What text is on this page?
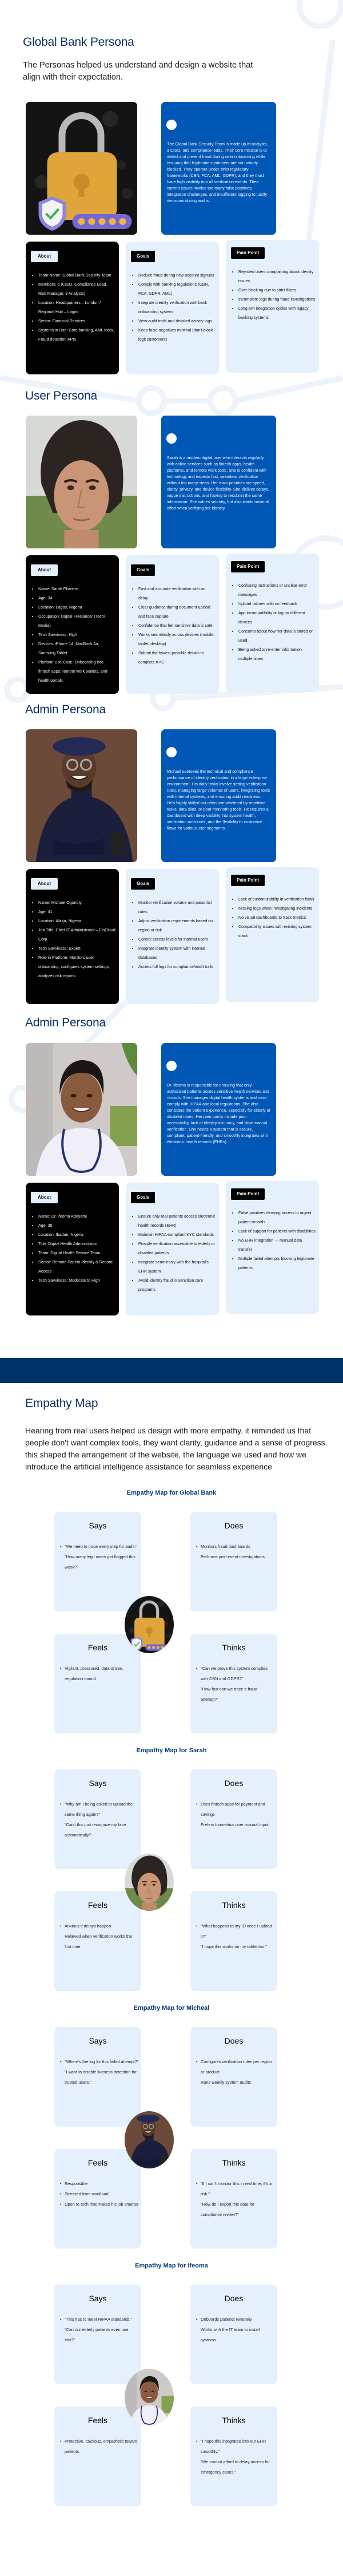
Global Bank Persona

The Personas helped us understand and design a website that align with their expectation.

The Global Bank Security Team is made up of analysts, a CISO, and compliance leads. Their core mission is to detect and prevent fraud during user onboarding while ensuring that legitimate customers are not unfairly blocked. They operate under strict regulatory frameworks (CBN, FCA, AML, GDPR), and they must have high visibility into all verification events. Their current issues involve too many false positives, integration challenges, and insufficient logging to justify decisions during audits.

About
• Team Name: Global Bank Security Team
• Members: 6 (CISO, Compliance Lead, Risk Manager, 3 Analysts)
• Location: Headquarters – London / Regional Hub – Lagos
• Sector: Financial Services
• Systems in Use: Core banking, AML tools, Fraud detection APIs
Goals
• Reduce fraud during new account signups
• Comply with banking regulations (CBN, FCA, GDPR, AML)
• Integrate identity verification with bank onboarding system
• View audit trails and detailed activity logs
• Keep false negatives minimal (don't block legit customers)
Pain Point
• Rejected users complaining about identity issues
• Over blocking due to strict filters
• Incomplete logs during fraud investigations
• Long API integration cycles with legacy banking systems
User Persona

Sarah is a modern digital user who interacts regularly with online services such as fintech apps, health platforms, and remote work tools. She is confident with technology and expects fast, seamless verification without too many steps. Her main priorities are speed, clarity, privacy, and device flexibility. She dislikes delays, vague instructions, and having to resubmit the same information. She values security, but also wants minimal effort when verifying her identity

About
• Name: Sarah Ekanem
• Age: 34
• Location: Lagos, Nigeria
• Occupation: Digital Freelancer (Tech/ Media)
• Tech Savviness: High
• Devices: iPhone 14, MacBook Air, Samsung Tablet
• Platform Use Case: Onboarding into fintech apps, remote work wallets, and health portals
Goals
• Fast and accurate verification with no delay
• Clear guidance during document upload and face capture
• Confidence that her sensitive data is safe
• Works seamlessly across devices (mobile, tablet, desktop)
• Submit the fewest possible details to complete KYC
Pain Point
• Confusing instructions or unclear error messages
• Upload failures with no feedback
• App incompatibility or lag on different devices
• Concerns about how her data is stored or used
• Being asked to re-enter information multiple times
Admin Persona

Michael oversees the technical and compliance performance of identity verification in a large enterprise environment. His daily tasks involve setting verification rules, managing large volumes of users, integrating tools with internal systems, and ensuring audit readiness. He's highly skilled but often overwhelmed by repetitive tasks, data silos, or poor monitoring tools. He requires a dashboard with deep visibility into system health, verification outcomes, and the flexibility to customize flows for various user segments

About
• Name: Michael Ogunbiyi
• Age: 41
• Location: Abuja, Nigeria
• Job Title: Chief IT Administrator – FinCloud Corp
• Tech Savviness: Expert
• Role in Platform: Monitors user onboarding, configures system settings, analyzes risk reports
Goals
• Monitor verification volume and pass/ fail rates
• Adjust verification requirements based on region or risk
• Control access levels for internal users
• Integrate identity system with internal databases
• Access full logs for compliance/audit trails
Pain Point
• Lack of customizability in verification flows
• Missing logs when investigating incidents
• No visual dashboards to track metrics
• Compatibility issues with existing system stack
Admin Persona

Dr. Ifeoma is responsible for ensuring that only authorized patients access sensitive health services and records. She manages digital health systems and must comply with HIPAA and local regulations. She also considers the patient experience, especially for elderly or disabled users. Her pain points include poor accessibility, lack of identity accuracy, and slow manual verification. She needs a system that is secure, compliant, patient-friendly, and smoothly integrates with electronic health records (EHRs).

About
• Name: Dr. Ifeoma Adeyemi
• Age: 38
• Location: Ibadan, Nigeria
• Title: Digital Health Administrator
• Team: Digital Health Service Team
• Sector: Remote Patient Identity & Record Access
• Tech Savviness: Moderate to High
Goals
• Ensure only real patients access electronic health records (EHR)
• Maintain HIPAA-compliant KYC standards
• Provide verification accessible to elderly or disabled patients
• Integrate seamlessly with the hospital's EHR system
• Avoid identity fraud in sensitive care programs
Pain Point
• False positives denying access to urgent patient records
• Lack of support for patients with disabilities
• No EHR integration → manual data transfer
• Multiple failed attempts blocking legitimate patients
Empathy Map

Hearing from real users helped us design with more empathy. it reminded us that people don't want complex tools, they want clarity, guidance and a sense of progress. this shaped the arrangement of the website, the language we used and how we introduce the artificial intelligence assistance for seamless experience

Empathy Map for Global Bank
Says
• "We need to trace every step for audit."
"How many legit users got flagged this week?"
Does
• Monitors fraud dashboards
Performs post-event investigations
Feels
• Vigilant, pressured, data-driven, regulation-bound
Thinks
• "Can we prove this system complies with CBN and GDPR?"
"How fast can we trace a fraud attempt?"
Empathy Map for Sarah
Says
• "Why am I being asked to upload the same thing again?"
"Can't this just recognize my face automatically?
Does
• Uses fintech apps for payment and savings
Prefers biometrics over manual input
Feels
• Anxious if delays happen
Relieved when verification works the first time
Thinks
• "What happens to my ID once I upload it?"
"I hope this works on my tablet too."
Empathy Map for Micheal
Says
• "Where's the log for this failed attempt?"
"I want to disable liveness detection for trusted users."
Does
• Configures verification rules per region or product
Runs weekly system audits
Feels
• Responsible
• Stressed from workload
• Open to tech that makes his job smarter
Thinks
• "If I can't monitor this in real time, it's a risk."
"How do I export this data for compliance review?"
Empathy Map for Ifeoma
Says
• "This has to meet HIPAA standards."
"Can our elderly patients even use this?"
Does
• Onboards patients remotely
Works with the IT team to install systems
Feels
• Protective, cautious, empathetic toward patients
Thinks
• "I hope this integrates into our EHR smoothly."
"We cannot afford to delay access for emergency cases."
